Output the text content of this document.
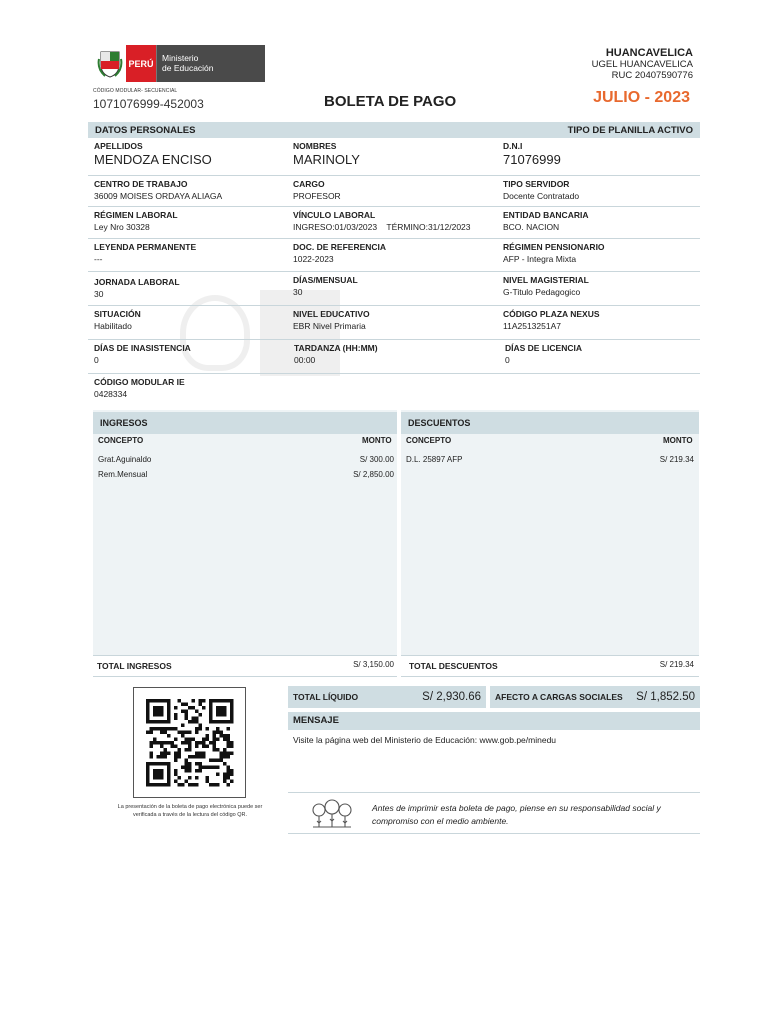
PERÚ
Ministerio
de Educación
CÓDIGO MODULAR- SECUENCIAL
1071076999-452003	BOLETA DE PAGO
HUANCAVELICA
UGEL HUANCAVELICA
RUC 20407590776
JULIO - 2023
DATOS PERSONALES	TIPO DE PLANILLA ACTIVO
APELLIDOS
MENDOZA ENCISO
NOMBRES
MARINOLY
D.N.I
71076999
CENTRO DE TRABAJO
36009 MOISES ORDAYA ALIAGA
CARGO
PROFESOR
TIPO SERVIDOR
Docente Contratado
RÉGIMEN LABORAL
Ley Nro 30328
VÍNCULO LABORAL
INGRESO:01/03/2023 TÉRMINO:31/12/2023
ENTIDAD BANCARIA
BCO. NACION
LEYENDA PERMANENTE
---
DOC. DE REFERENCIA
1022-2023
RÉGIMEN PENSIONARIO
AFP - Integra Mixta
JORNADA LABORAL
30
DÍAS/MENSUAL
30
NIVEL MAGISTERIAL
G-Titulo Pedagogico
SITUACIÓN
Habilitado
NIVEL EDUCATIVO
EBR Nivel Primaria
CÓDIGO PLAZA NEXUS
11A2513251A7
DÍAS DE INASISTENCIA
0
TARDANZA (HH:MM)
00:00
DÍAS DE LICENCIA
0
CÓDIGO MODULAR IE
0428334
INGRESOS
CONCEPTO	MONTO
Grat.Aguinaldo	S/ 300.00
Rem.Mensual	S/ 2,850.00
DESCUENTOS
CONCEPTO	MONTO
D.L. 25897 AFP	S/ 219.34
TOTAL INGRESOS	S/ 3,150.00 TOTAL DESCUENTOS	S/ 219.34
La presentación de la boleta de pago electrónica puede ser verificada a través de la lectura del código QR.
TOTAL LÍQUIDO	S/ 2,930.66 AFECTO A CARGAS SOCIALES S/ 1,852.50
MENSAJE
Visite la página web del Ministerio de Educación: www.gob.pe/minedu
Antes de imprimir esta boleta de pago, piense en su responsabilidad social y compromiso con el medio ambiente.
